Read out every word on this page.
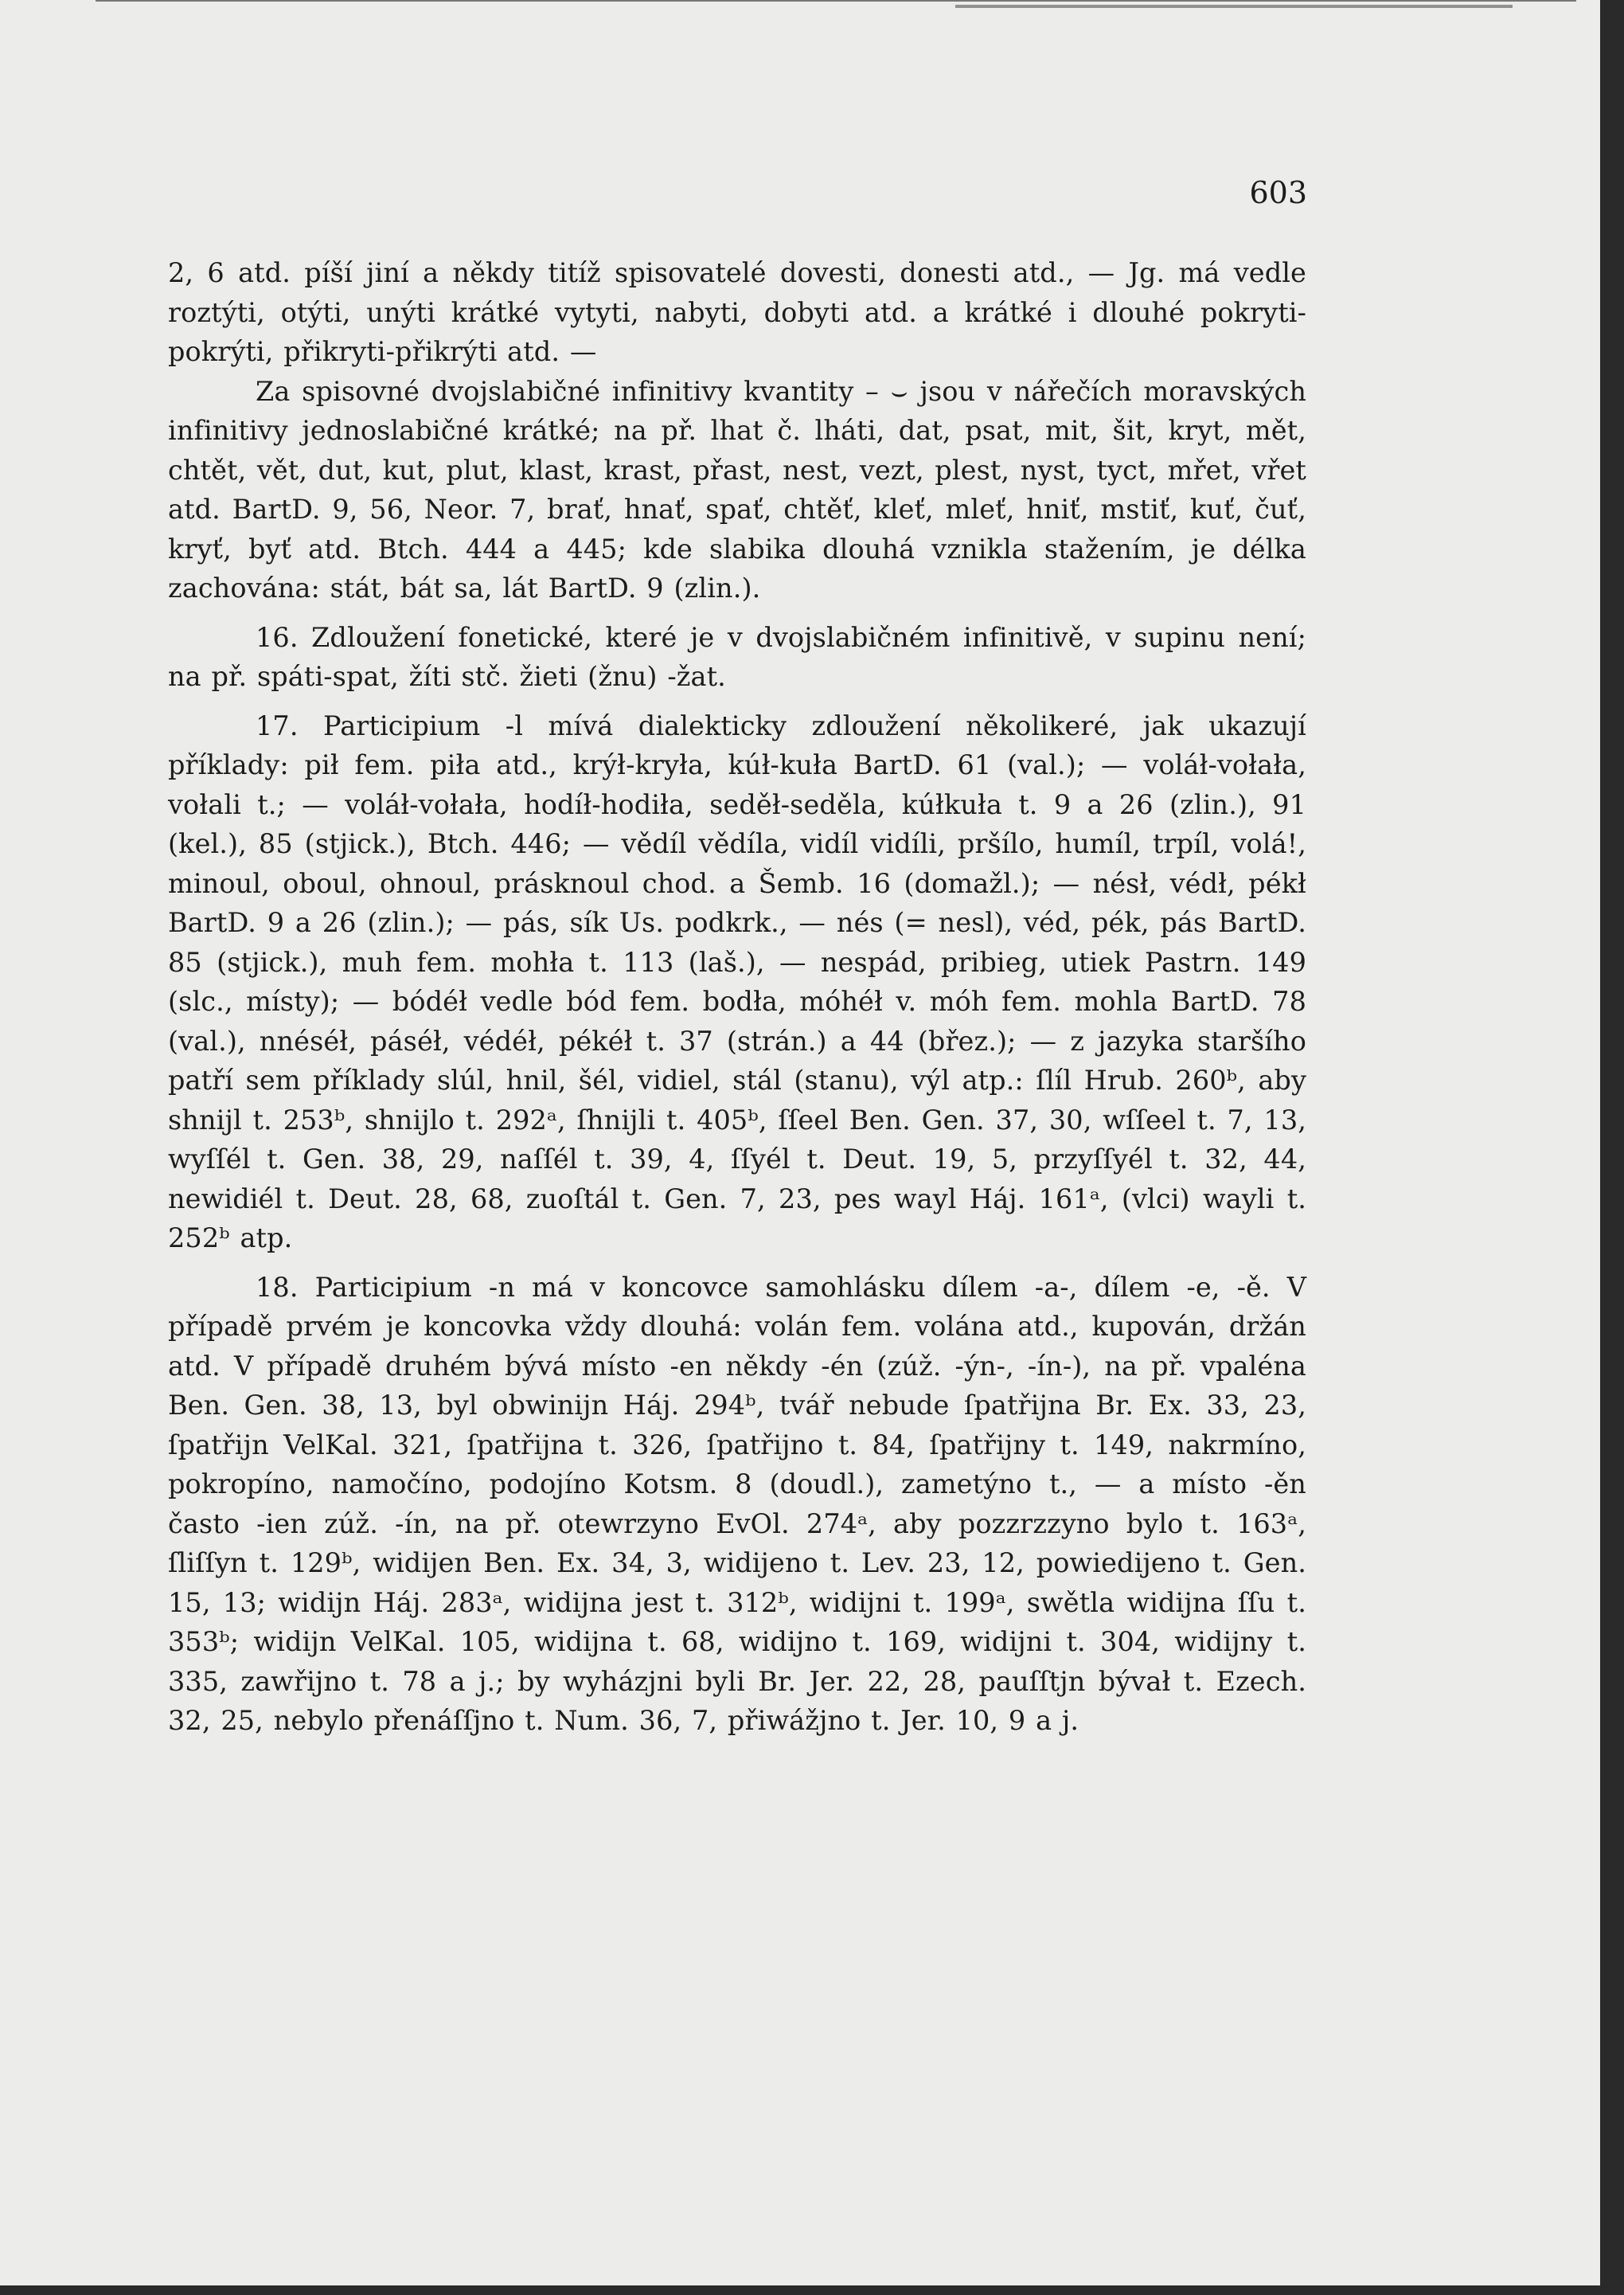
603

2, 6 atd. píší jiní a někdy titíž spisovatelé dovesti, donesti atd., — Jg. má vedle roztýti, otýti, unýti krátké vytyti, nabyti, dobyti atd. a krátké i dlouhé pokryti-pokrýti, přikryti-přikrýti atd. —

Za spisovné dvojslabičné infinitivy kvantity – ⌣ jsou v nářečích moravských infinitivy jednoslabičné krátké; na př. lhat č. lháti, dat, psat, mit, šit, kryt, mět, chtět, vět, dut, kut, plut, klast, krast, přast, nest, vezt, plest, nyst, tyct, mřet, vřet atd. BartD. 9, 56, Neor. 7, brať, hnať, spať, chtěť, kleť, mleť, hniť, mstiť, kuť, čuť, kryť, byť atd. Btch. 444 a 445; kde slabika dlouhá vznikla stažením, je délka zachována: stát, bát sa, lát BartD. 9 (zlin.).

16. Zdloužení fonetické, které je v dvojslabičném infinitivě, v supinu není; na př. spáti-spat, žíti stč. žieti (žnu) -žat.

17. Participium -l mívá dialekticky zdloužení několikeré, jak ukazují příklady: pił fem. piła atd., krýł-kryła, kúł-kuła BartD. 61 (val.); — voláł-vołała, vołali t.; — voláł-vołała, hodíł-hodiła, seděł-seděla, kúłkuła t. 9 a 26 (zlin.), 91 (kel.), 85 (stjick.), Btch. 446; — vědíl vědíla, vidíl vidíli, pršílo, humíl, trpíl, volá!, minoul, oboul, ohnoul, prásknoul chod. a Šemb. 16 (domažl.); — nésł, védł, pékł BartD. 9 a 26 (zlin.); — pás, sík Us. podkrk., — nés (= nesl), véd, pék, pás BartD. 85 (stjick.), muh fem. mohła t. 113 (laš.), — nespád, pribieg, utiek Pastrn. 149 (slc., místy); — bódéł vedle bód fem. bodła, móhéł v. móh fem. mohla BartD. 78 (val.), nnéséł, páséł, védéł, pékéł t. 37 (strán.) a 44 (břez.); — z jazyka staršího patří sem příklady slúl, hnil, šél, vidiel, stál (stanu), výl atp.: ſlíl Hrub. 260ᵇ, aby shnijl t. 253ᵇ, shnijlo t. 292ᵃ, ſhnijli t. 405ᵇ, ſſeel Ben. Gen. 37, 30, wſſeel t. 7, 13, wyſſél t. Gen. 38, 29, naſſél t. 39, 4, ſſyél t. Deut. 19, 5, przyſſyél t. 32, 44, newidiél t. Deut. 28, 68, zuoſtál t. Gen. 7, 23, pes wayl Háj. 161ᵃ, (vlci) wayli t. 252ᵇ atp.

18. Participium -n má v koncovce samohlásku dílem -a-, dílem -e, -ě. V případě prvém je koncovka vždy dlouhá: volán fem. volána atd., kupován, držán atd. V případě druhém bývá místo -en někdy -én (zúž. -ýn-, -ín-), na př. vpaléna Ben. Gen. 38, 13, byl obwinijn Háj. 294ᵇ, tvář nebude ſpatřijna Br. Ex. 33, 23, ſpatřijn VelKal. 321, ſpatřijna t. 326, ſpatřijno t. 84, ſpatřijny t. 149, nakrmíno, pokropíno, namočíno, podojíno Kotsm. 8 (doudl.), zametýno t., — a místo -ěn často -ien zúž. -ín, na př. otewrzyno EvOl. 274ᵃ, aby pozzrzzyno bylo t. 163ᵃ, ſliſſyn t. 129ᵇ, widijen Ben. Ex. 34, 3, widijeno t. Lev. 23, 12, powiedijeno t. Gen. 15, 13; widijn Háj. 283ᵃ, widijna jest t. 312ᵇ, widijni t. 199ᵃ, swětla widijna ſſu t. 353ᵇ; widijn VelKal. 105, widijna t. 68, widijno t. 169, widijni t. 304, widijny t. 335, zawřijno t. 78 a j.; by wyházjni byli Br. Jer. 22, 28, pauſſtjn bývał t. Ezech. 32, 25, nebylo přenáſſjno t. Num. 36, 7, přiwážjno t. Jer. 10, 9 a j.
